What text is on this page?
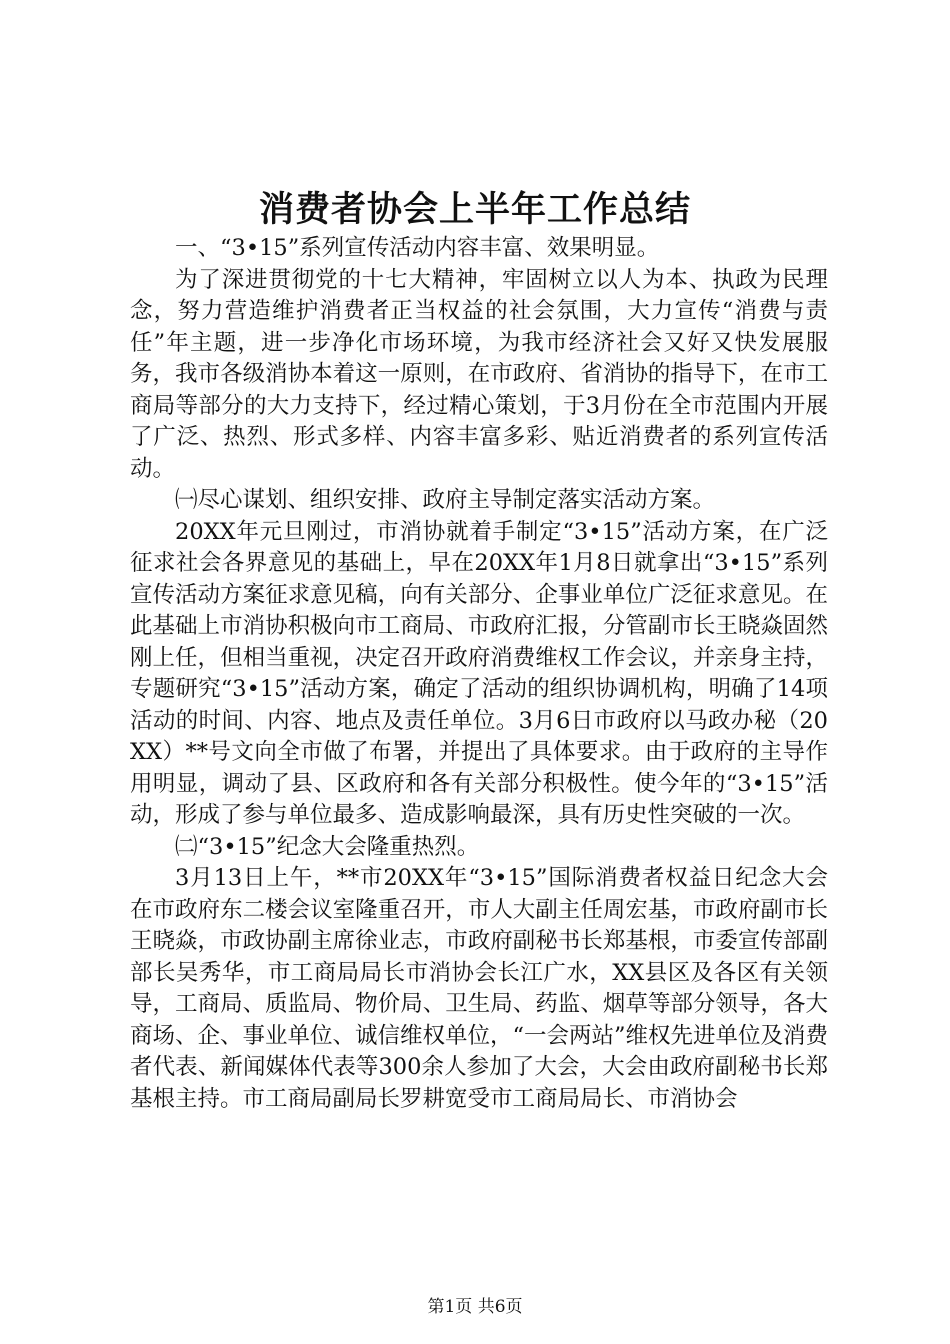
消费者协会上半年工作总结

一、“3•15”系列宣传活动内容丰富、效果明显。

为了深进贯彻党的十七大精神，牢固树立以人为本、执政为民理念，努力营造维护消费者正当权益的社会氛围，大力宣传“消费与责任”年主题，进一步净化市场环境，为我市经济社会又好又快发展服务，我市各级消协本着这一原则，在市政府、省消协的指导下，在市工商局等部分的大力支持下，经过精心策划，于3月份在全市范围内开展了广泛、热烈、形式多样、内容丰富多彩、贴近消费者的系列宣传活动。

㈠尽心谋划、组织安排、政府主导制定落实活动方案。

20XX年元旦刚过，市消协就着手制定“3•15”活动方案，在广泛征求社会各界意见的基础上，早在20XX年1月8日就拿出“3•15”系列宣传活动方案征求意见稿，向有关部分、企事业单位广泛征求意见。在此基础上市消协积极向市工商局、市政府汇报，分管副市长王晓焱固然刚上任，但相当重视，决定召开政府消费维权工作会议，并亲身主持，专题研究“3•15”活动方案，确定了活动的组织协调机构，明确了14项活动的时间、内容、地点及责任单位。3月6日市政府以马政办秘（20XX）**号文向全市做了布署，并提出了具体要求。由于政府的主导作用明显，调动了县、区政府和各有关部分积极性。使今年的“3•15”活动，形成了参与单位最多、造成影响最深，具有历史性突破的一次。

㈡“3•15”纪念大会隆重热烈。

3月13日上午，**市20XX年“3•15”国际消费者权益日纪念大会在市政府东二楼会议室隆重召开，市人大副主任周宏基，市政府副市长王晓焱，市政协副主席徐业志，市政府副秘书长郑基根，市委宣传部副部长吴秀华，市工商局局长市消协会长江广水，XX县区及各区有关领导，工商局、质监局、物价局、卫生局、药监、烟草等部分领导，各大商场、企、事业单位、诚信维权单位，“一会两站”维权先进单位及消费者代表、新闻媒体代表等300余人参加了大会，大会由政府副秘书长郑基根主持。市工商局副局长罗耕宽受市工商局局长、市消协会

第1页 共6页
